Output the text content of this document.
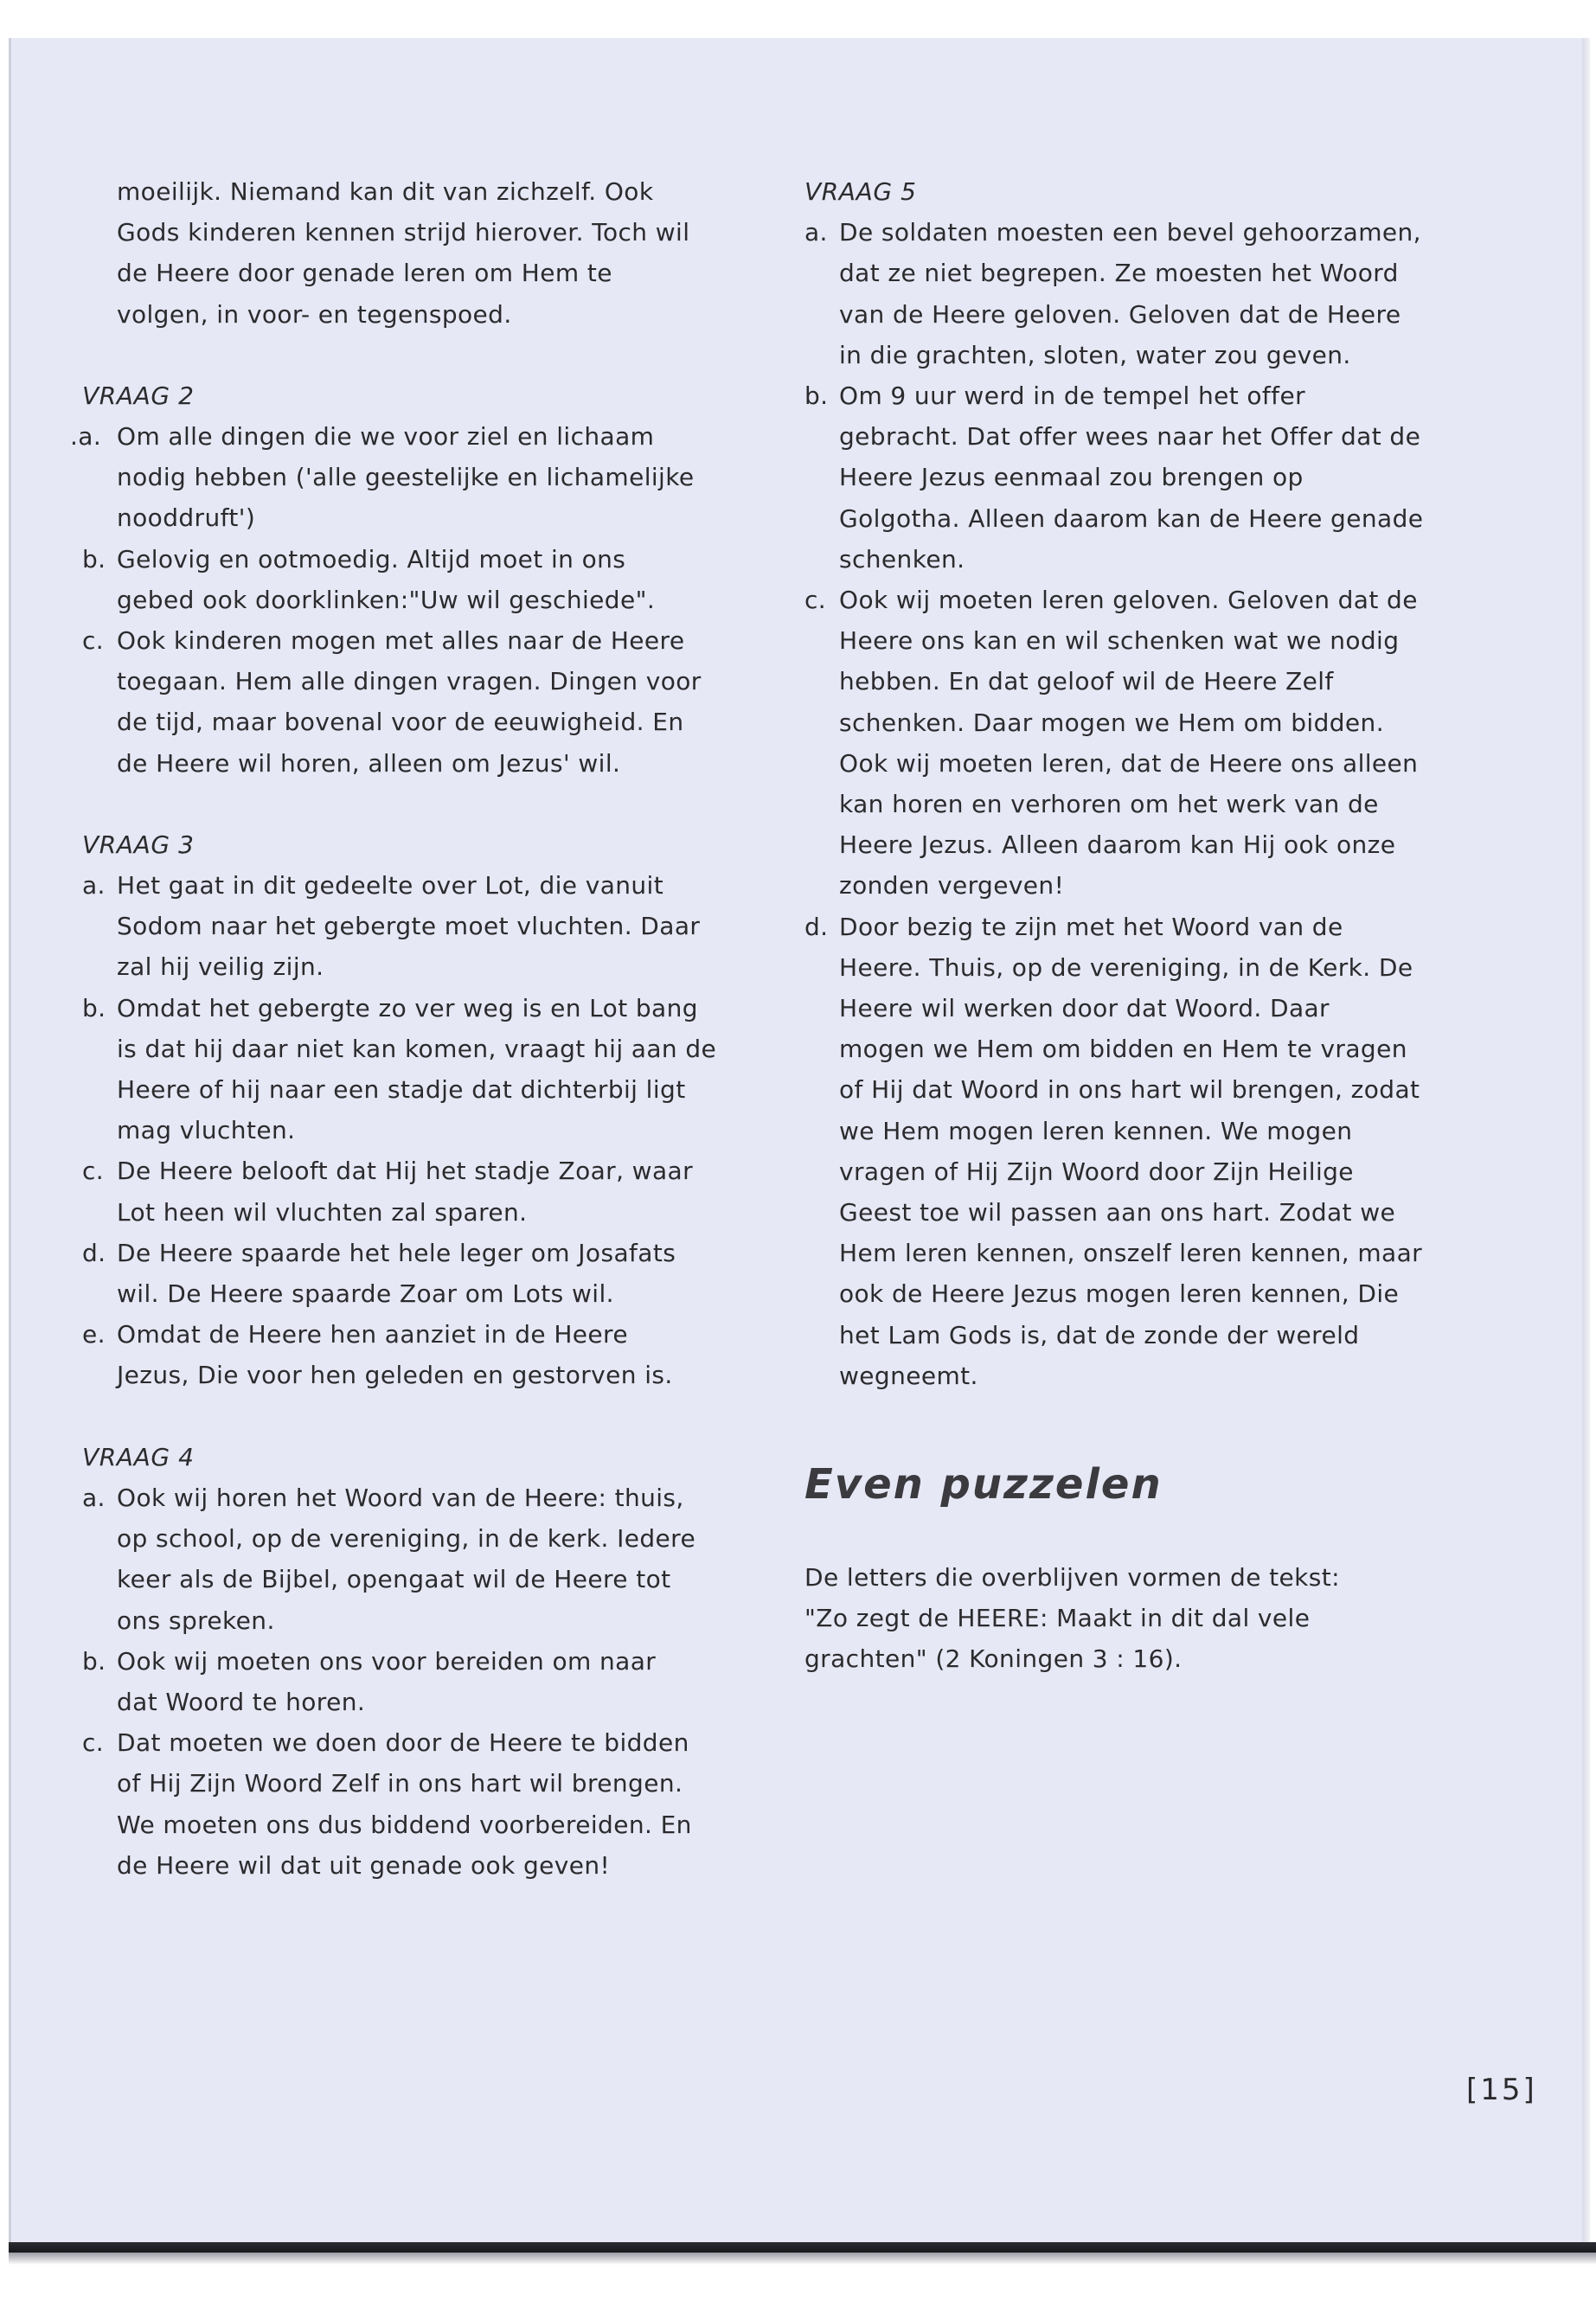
moeilijk. Niemand kan dit van zichzelf. Ook
Gods kinderen kennen strijd hierover. Toch wil
de Heere door genade leren om Hem te
volgen, in voor- en tegenspoed.
VRAAG 2
.a. Om alle dingen die we voor ziel en lichaam
nodig hebben ('alle geestelijke en lichamelijke
nooddruft')
b. Gelovig en ootmoedig. Altijd moet in ons
gebed ook doorklinken:"Uw wil geschiede".
c. Ook kinderen mogen met alles naar de Heere
toegaan. Hem alle dingen vragen. Dingen voor
de tijd, maar bovenal voor de eeuwigheid. En
de Heere wil horen, alleen om Jezus' wil.
VRAAG 3
a. Het gaat in dit gedeelte over Lot, die vanuit
Sodom naar het gebergte moet vluchten. Daar
zal hij veilig zijn.
b. Omdat het gebergte zo ver weg is en Lot bang
is dat hij daar niet kan komen, vraagt hij aan de
Heere of hij naar een stadje dat dichterbij ligt
mag vluchten.
c. De Heere belooft dat Hij het stadje Zoar, waar
Lot heen wil vluchten zal sparen.
d. De Heere spaarde het hele leger om Josafats
wil. De Heere spaarde Zoar om Lots wil.
e. Omdat de Heere hen aanziet in de Heere
Jezus, Die voor hen geleden en gestorven is.
VRAAG 4
a. Ook wij horen het Woord van de Heere: thuis,
op school, op de vereniging, in de kerk. Iedere
keer als de Bijbel, opengaat wil de Heere tot
ons spreken.
b. Ook wij moeten ons voor bereiden om naar
dat Woord te horen.
c. Dat moeten we doen door de Heere te bidden
of Hij Zijn Woord Zelf in ons hart wil brengen.
We moeten ons dus biddend voorbereiden. En
de Heere wil dat uit genade ook geven!
VRAAG 5
a. De soldaten moesten een bevel gehoorzamen,
dat ze niet begrepen. Ze moesten het Woord
van de Heere geloven. Geloven dat de Heere
in die grachten, sloten, water zou geven.
b. Om 9 uur werd in de tempel het offer
gebracht. Dat offer wees naar het Offer dat de
Heere Jezus eenmaal zou brengen op
Golgotha. Alleen daarom kan de Heere genade
schenken.
c. Ook wij moeten leren geloven. Geloven dat de
Heere ons kan en wil schenken wat we nodig
hebben. En dat geloof wil de Heere Zelf
schenken. Daar mogen we Hem om bidden.
Ook wij moeten leren, dat de Heere ons alleen
kan horen en verhoren om het werk van de
Heere Jezus. Alleen daarom kan Hij ook onze
zonden vergeven!
d. Door bezig te zijn met het Woord van de
Heere. Thuis, op de vereniging, in de Kerk. De
Heere wil werken door dat Woord. Daar
mogen we Hem om bidden en Hem te vragen
of Hij dat Woord in ons hart wil brengen, zodat
we Hem mogen leren kennen. We mogen
vragen of Hij Zijn Woord door Zijn Heilige
Geest toe wil passen aan ons hart. Zodat we
Hem leren kennen, onszelf leren kennen, maar
ook de Heere Jezus mogen leren kennen, Die
het Lam Gods is, dat de zonde der wereld
wegneemt.
Even puzzelen
De letters die overblijven vormen de tekst:
"Zo zegt de HEERE: Maakt in dit dal vele
grachten" (2 Koningen 3 : 16).
[15]
